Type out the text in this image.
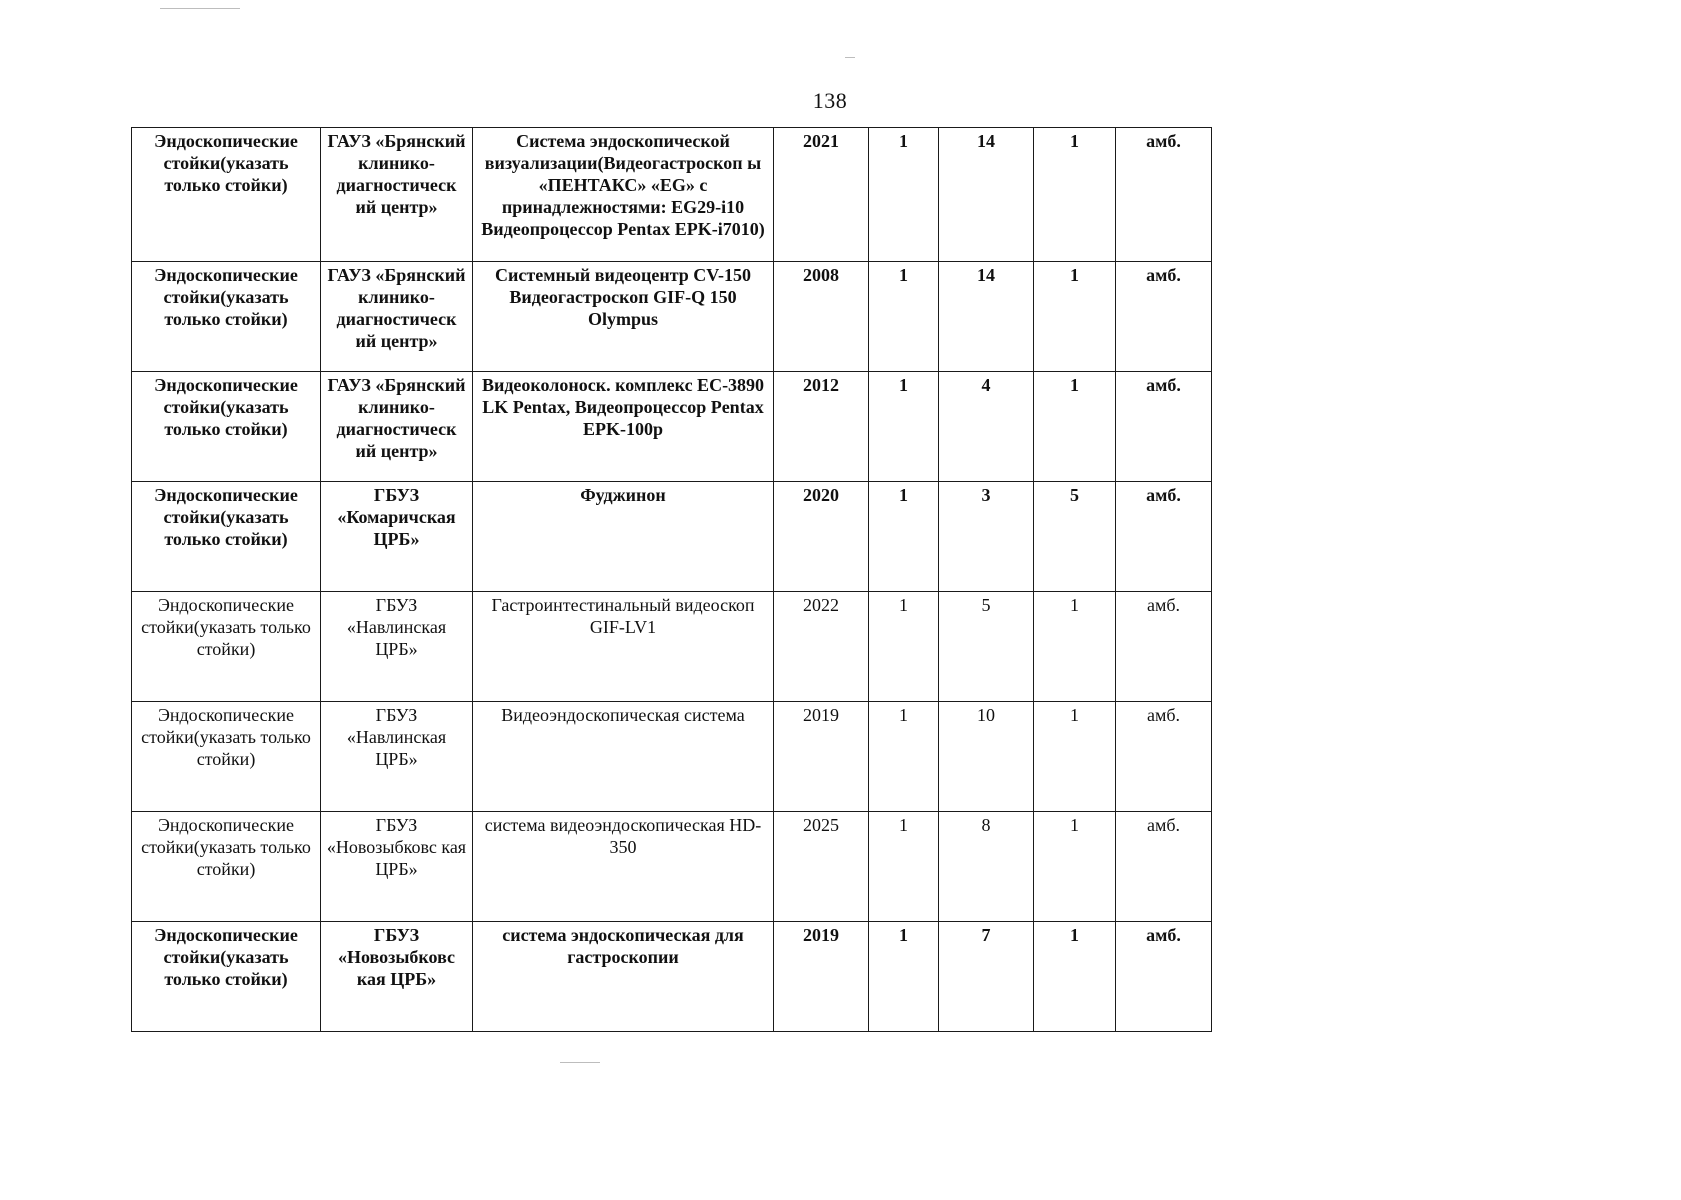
138
Эндоскопические стойки(указать только стойки)	ГАУЗ «Брянский клинико-диагностическ ий центр»	Система эндоскопической визуализации(Видеогастроскоп ы «ПЕНТАКС» «EG» с принадлежностями: EG29-i10 Видеопроцессор Pentax EPK-i7010)	2021	1	14	1	амб.
Эндоскопические стойки(указать только стойки)	ГАУЗ «Брянский клинико-диагностическ ий центр»	Системный видеоцентр CV-150 Видеогастроскоп GIF-Q 150 Olympus	2008	1	14	1	амб.
Эндоскопические стойки(указать только стойки)	ГАУЗ «Брянский клинико-диагностическ ий центр»	Видеоколоноск. комплекс EC-3890 LK Pentax, Видеопроцессор Pentax EPK-100p	2012	1	4	1	амб.
Эндоскопические стойки(указать только стойки)	ГБУЗ «Комаричская ЦРБ»	Фуджинон	2020	1	3	5	амб.
Эндоскопические стойки(указать только стойки)	ГБУЗ «Навлинская ЦРБ»	Гастроинтестинальный видеоскоп GIF-LV1	2022	1	5	1	амб.
Эндоскопические стойки(указать только стойки)	ГБУЗ «Навлинская ЦРБ»	Видеоэндоскопическая система	2019	1	10	1	амб.
Эндоскопические стойки(указать только стойки)	ГБУЗ «Новозыбковс кая ЦРБ»	система видеоэндоскопическая HD-350	2025	1	8	1	амб.
Эндоскопические стойки(указать только стойки)	ГБУЗ «Новозыбковс кая ЦРБ»	система эндоскопическая для гастроскопии	2019	1	7	1	амб.
